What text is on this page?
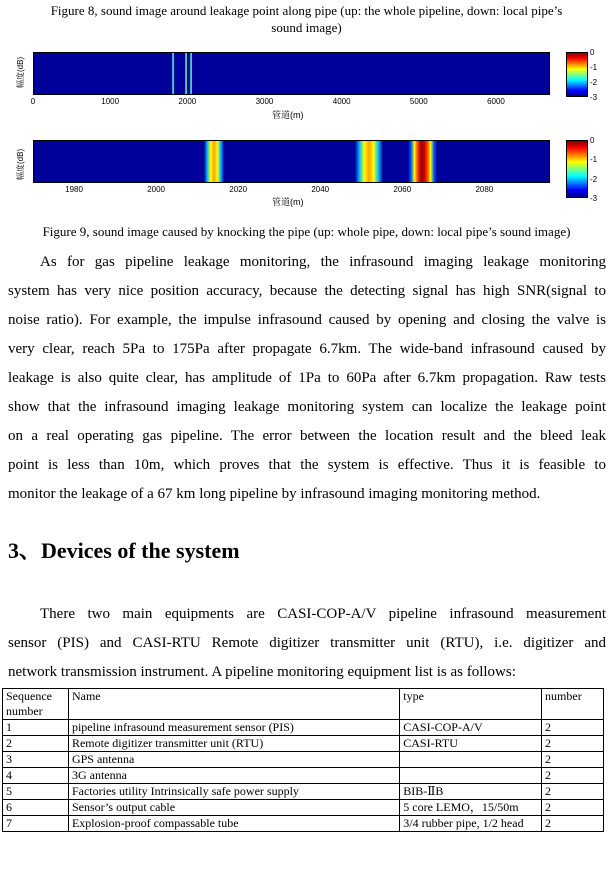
Figure 8, sound image around leakage point along pipe (up: the whole pipeline, down: local pipe’s
sound image)
幅度(dB)
0	1000	2000	3000	4000	5000	6000
管道(m)
0
-1
-2
-3
幅度(dB)
1980	2000	2020	2040	2060	2080
管道(m)
0
-1
-2
-3
Figure 9, sound image caused by knocking the pipe (up: whole pipe, down: local pipe’s sound image)
As for gas pipeline leakage monitoring, the infrasound imaging leakage monitoring
system has very nice position accuracy, because the detecting signal has high SNR(signal to
noise ratio). For example, the impulse infrasound caused by opening and closing the valve is
very clear, reach 5Pa to 175Pa after propagate 6.7km. The wide-band infrasound caused by
leakage is also quite clear, has amplitude of 1Pa to 60Pa after 6.7km propagation. Raw tests
show that the infrasound imaging leakage monitoring system can localize the leakage point
on a real operating gas pipeline. The error between the location result and the bleed leak
point is less than 10m, which proves that the system is effective. Thus it is feasible to
monitor the leakage of a 67 km long pipeline by infrasound imaging monitoring method.
3、Devices of the system
There two main equipments are CASI-COP-A/V pipeline infrasound measurement
sensor (PIS) and CASI-RTU Remote digitizer transmitter unit (RTU), i.e. digitizer and
network transmission instrument. A pipeline monitoring equipment list is as follows:
Sequence number	Name	type	number
1	pipeline infrasound measurement sensor (PIS)	CASI-COP-A/V	2
2	Remote digitizer transmitter unit (RTU)	CASI-RTU	2
3	GPS antenna		2
4	3G antenna		2
5	Factories utility Intrinsically safe power supply	BIB-ⅡB	2
6	Sensor’s output cable	5 core LEMO，15/50m	2
7	Explosion-proof compassable tube	3/4 rubber pipe, 1/2 head	2
